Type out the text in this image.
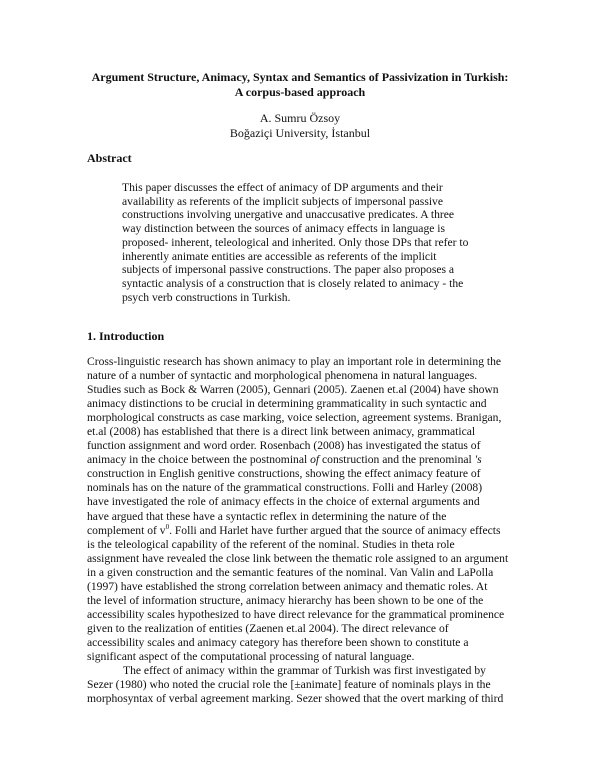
Argument Structure, Animacy, Syntax and Semantics of Passivization in Turkish:
A corpus-based approach
A. Sumru Özsoy
Boğaziçi University, İstanbul
Abstract
This paper discusses the effect of animacy of DP arguments and their
availability as referents of the implicit subjects of impersonal passive
constructions involving unergative and unaccusative predicates. A three
way distinction between the sources of animacy effects in language is
proposed- inherent, teleological and inherited. Only those DPs that refer to
inherently animate entities are accessible as referents of the implicit
subjects of impersonal passive constructions. The paper also proposes a
syntactic analysis of a construction that is closely related to animacy - the
psych verb constructions in Turkish.
1. Introduction
Cross-linguistic research has shown animacy to play an important role in determining the
nature of a number of syntactic and morphological phenomena in natural languages.
Studies such as Bock & Warren (2005), Gennari (2005). Zaenen et.al (2004) have shown
animacy distinctions to be crucial in determining grammaticality in such syntactic and
morphological constructs as case marking, voice selection, agreement systems. Branigan,
et.al (2008) has established that there is a direct link between animacy, grammatical
function assignment and word order. Rosenbach (2008) has investigated the status of
animacy in the choice between the postnominal of construction and the prenominal 's
construction in English genitive constructions, showing the effect animacy feature of
nominals has on the nature of the grammatical constructions. Folli and Harley (2008)
have investigated the role of animacy effects in the choice of external arguments and
have argued that these have a syntactic reflex in determining the nature of the
complement of $v^0$. Folli and Harlet have further argued that the source of animacy effects
is the teleological capability of the referent of the nominal. Studies in theta role
assignment have revealed the close link between the thematic role assigned to an argument
in a given construction and the semantic features of the nominal. Van Valin and LaPolla
(1997) have established the strong correlation between animacy and thematic roles. At
the level of information structure, animacy hierarchy has been shown to be one of the
accessibility scales hypothesized to have direct relevance for the grammatical prominence
given to the realization of entities (Zaenen et.al 2004). The direct relevance of
accessibility scales and animacy category has therefore been shown to constitute a
significant aspect of the computational processing of natural language.
The effect of animacy within the grammar of Turkish was first investigated by
Sezer (1980) who noted the crucial role the [±animate] feature of nominals plays in the
morphosyntax of verbal agreement marking. Sezer showed that the overt marking of third
